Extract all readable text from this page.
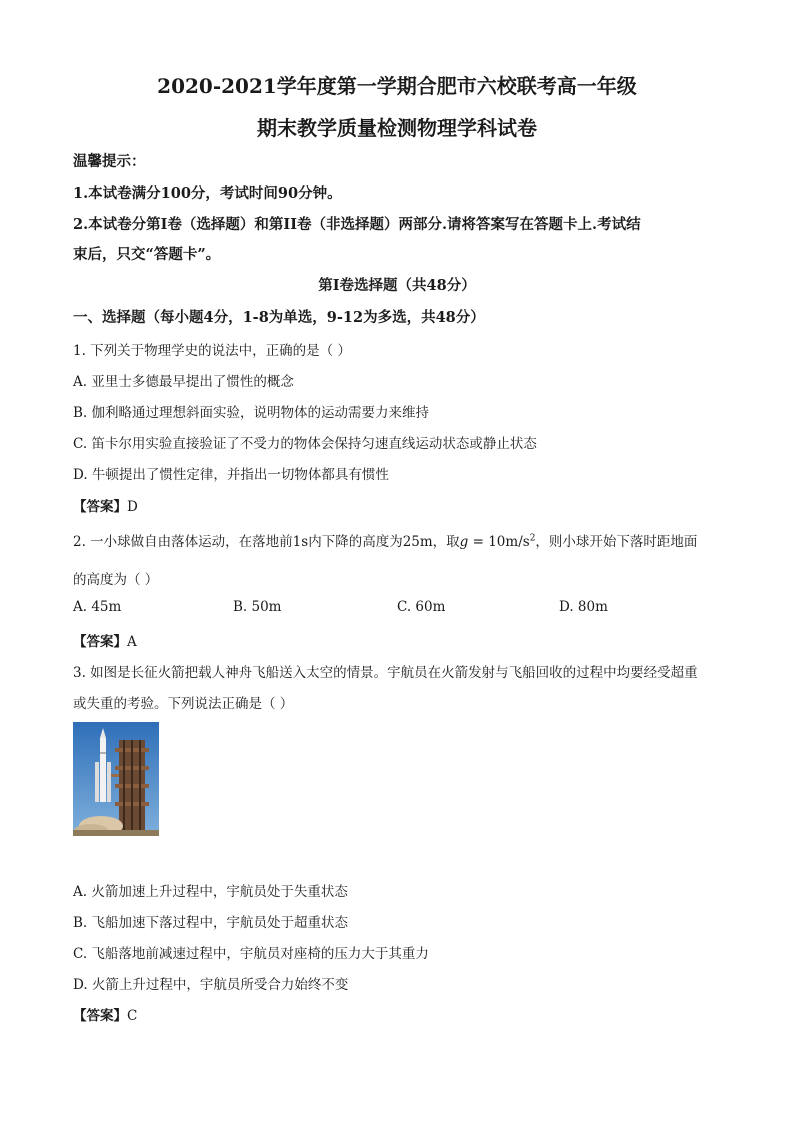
2020-2021学年度第一学期合肥市六校联考高一年级
期末教学质量检测物理学科试卷
温馨提示：
1.本试卷满分100分，考试时间90分钟。
2.本试卷分第Ⅰ卷（选择题）和第II卷（非选择题）两部分.请将答案写在答题卡上.考试结
束后，只交“答题卡”。
第Ⅰ卷选择题（共48分）
一、选择题（每小题4分，1-8为单选，9-12为多选，共48分）
1. 下列关于物理学史的说法中，正确的是（ ）
A. 亚里士多德最早提出了惯性的概念
B. 伽利略通过理想斜面实验，说明物体的运动需要力来维持
C. 笛卡尔用实验直接验证了不受力的物体会保持匀速直线运动状态或静止状态
D. 牛顿提出了惯性定律，并指出一切物体都具有惯性
【答案】D
2. 一小球做自由落体运动，在落地前1s内下降的高度为25m，取$g = 10m/s^2$，则小球开始下落时距地面
的高度为（ ）
A. 45m	B. 50m	C. 60m	D. 80m
【答案】A
3. 如图是长征火箭把载人神舟飞船送入太空的情景。宇航员在火箭发射与飞船回收的过程中均要经受超重
或失重的考验。下列说法正确是（ ）
A. 火箭加速上升过程中，宇航员处于失重状态
B. 飞船加速下落过程中，宇航员处于超重状态
C. 飞船落地前减速过程中，宇航员对座椅的压力大于其重力
D. 火箭上升过程中，宇航员所受合力始终不变
【答案】C
